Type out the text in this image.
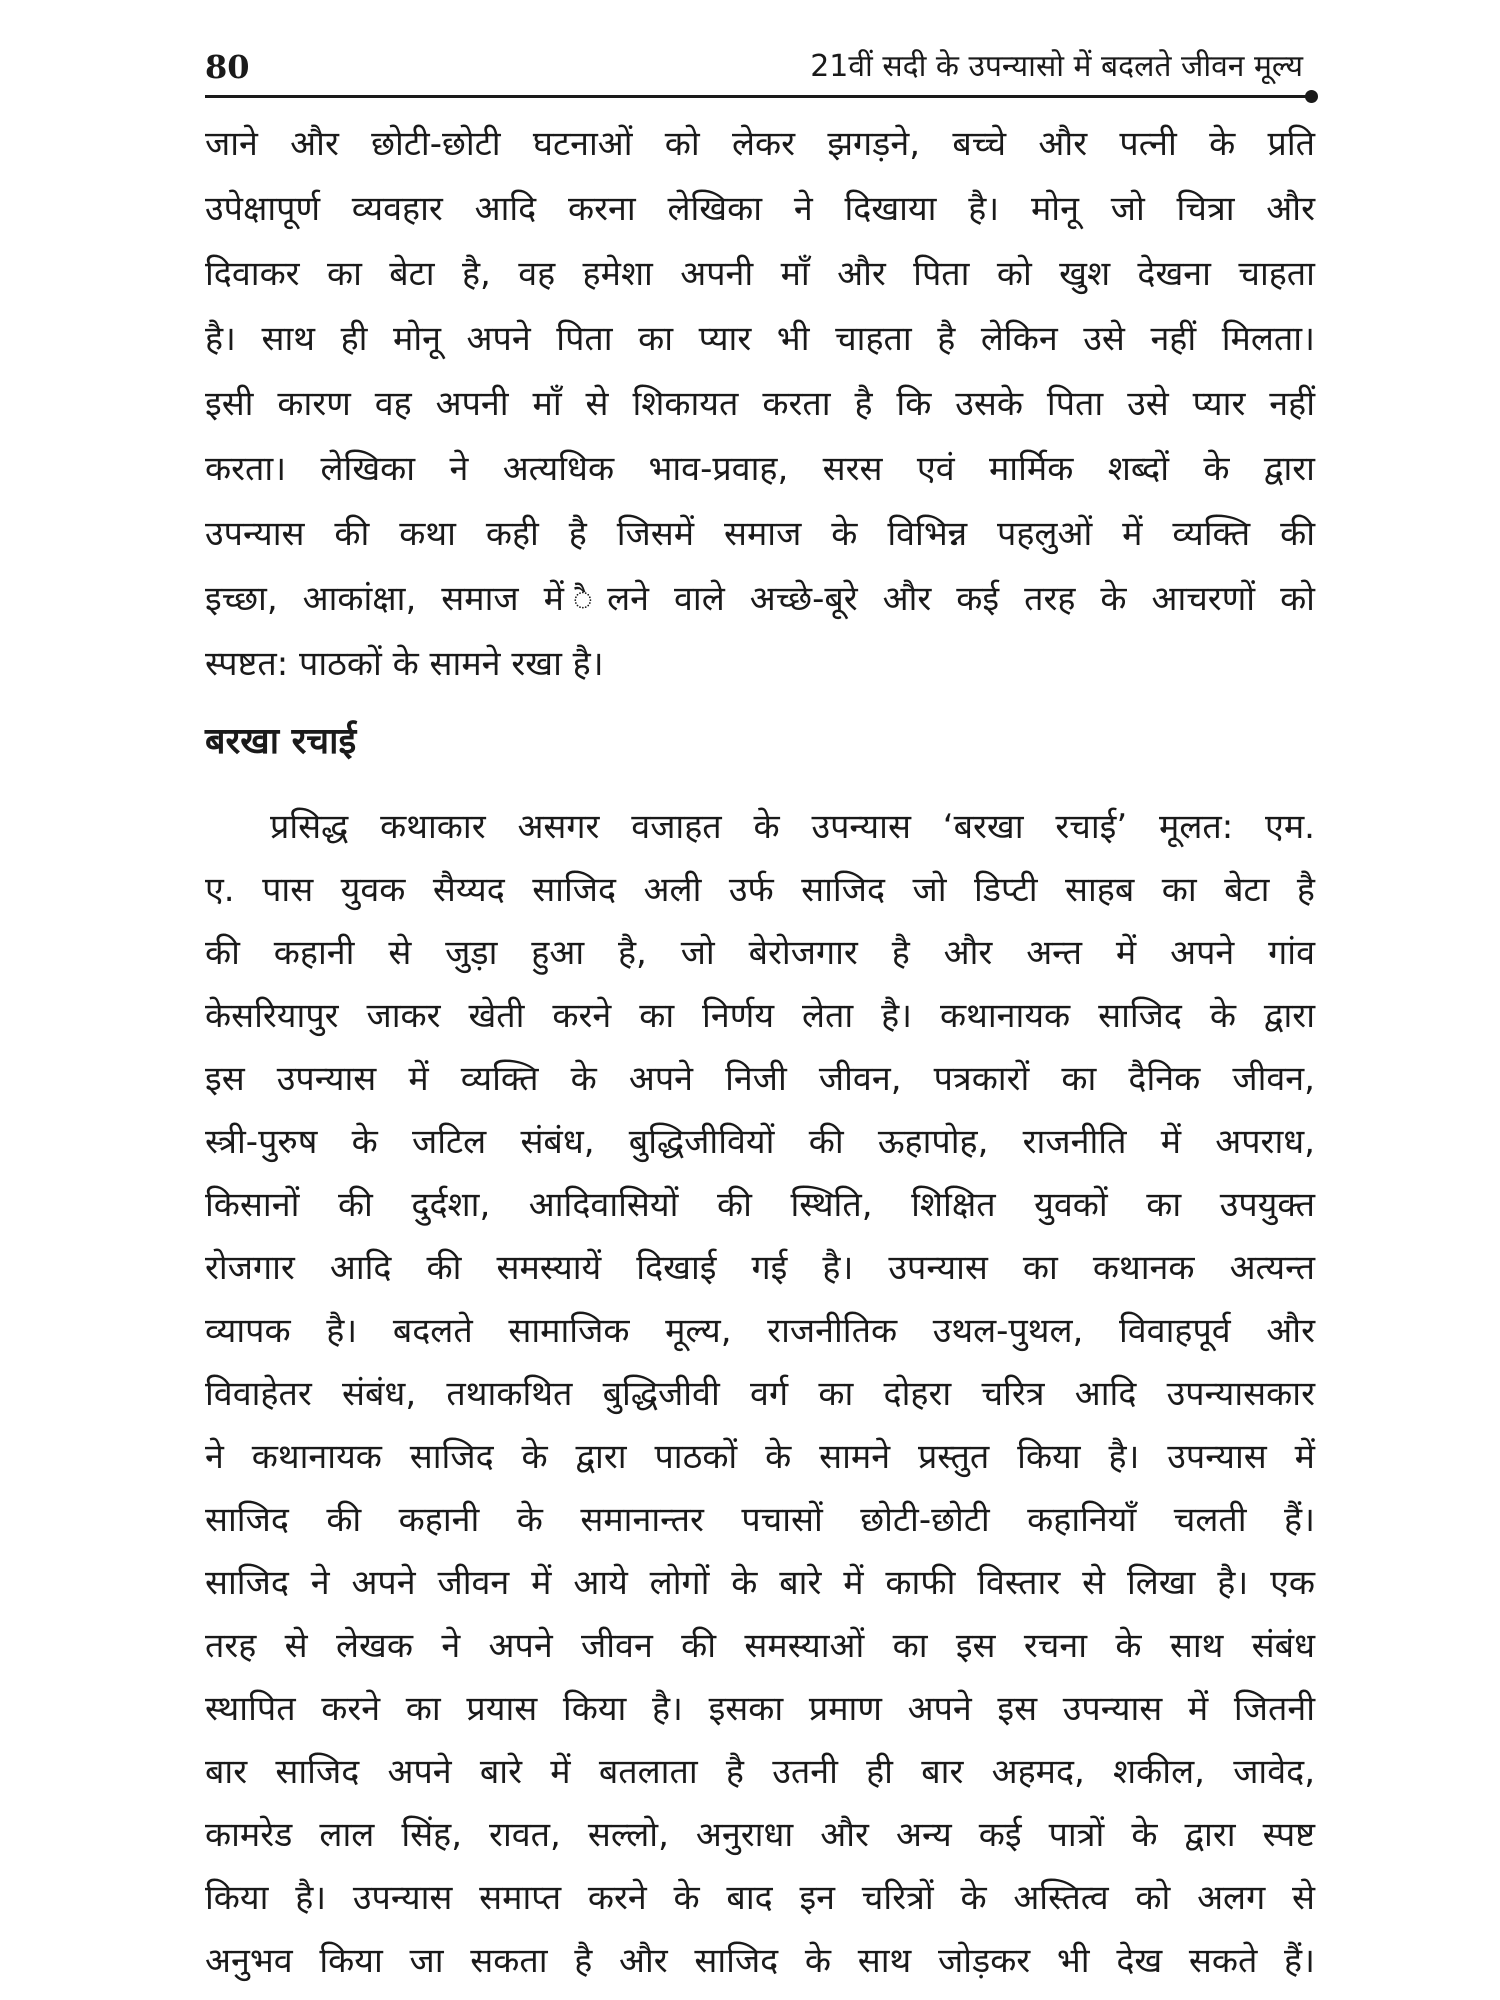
80	21वीं सदी के उपन्यासो में बदलते जीवन मूल्य
जाने और छोटी-छोटी घटनाओं को लेकर झगड़ने, बच्चे और पत्नी के प्रति
उपेक्षापूर्ण व्यवहार आदि करना लेखिका ने दिखाया है। मोनू जो चित्रा और
दिवाकर का बेटा है, वह हमेशा अपनी माँ और पिता को खुश देखना चाहता
है। साथ ही मोनू अपने पिता का प्यार भी चाहता है लेकिन उसे नहीं मिलता।
इसी कारण वह अपनी माँ से शिकायत करता है कि उसके पिता उसे प्यार नहीं
करता। लेखिका ने अत्यधिक भाव-प्रवाह, सरस एवं मार्मिक शब्दों के द्वारा
उपन्यास की कथा कही है जिसमें समाज के विभिन्न पहलुओं में व्यक्ति की
इच्छा, आकांक्षा, समाज में ैलने वाले अच्छे-बूरे और कई तरह के आचरणों को
स्पष्टत: पाठकों के सामने रखा है।
बरखा रचाई
प्रसिद्ध कथाकार असगर वजाहत के उपन्यास ‘बरखा रचाई’ मूलत: एम.
ए. पास युवक सैय्यद साजिद अली उर्फ साजिद जो डिप्टी साहब का बेटा है
की कहानी से जुड़ा हुआ है, जो बेरोजगार है और अन्त में अपने गांव
केसरियापुर जाकर खेती करने का निर्णय लेता है। कथानायक साजिद के द्वारा
इस उपन्यास में व्यक्ति के अपने निजी जीवन, पत्रकारों का दैनिक जीवन,
स्त्री-पुरुष के जटिल संबंध, बुद्धिजीवियों की ऊहापोह, राजनीति में अपराध,
किसानों की दुर्दशा, आदिवासियों की स्थिति, शिक्षित युवकों का उपयुक्त
रोजगार आदि की समस्यायें दिखाई गई है। उपन्यास का कथानक अत्यन्त
व्यापक है। बदलते सामाजिक मूल्य, राजनीतिक उथल-पुथल, विवाहपूर्व और
विवाहेतर संबंध, तथाकथित बुद्धिजीवी वर्ग का दोहरा चरित्र आदि उपन्यासकार
ने कथानायक साजिद के द्वारा पाठकों के सामने प्रस्तुत किया है। उपन्यास में
साजिद की कहानी के समानान्तर पचासों छोटी-छोटी कहानियाँ चलती हैं।
साजिद ने अपने जीवन में आये लोगों के बारे में काफी विस्तार से लिखा है। एक
तरह से लेखक ने अपने जीवन की समस्याओं का इस रचना के साथ संबंध
स्थापित करने का प्रयास किया है। इसका प्रमाण अपने इस उपन्यास में जितनी
बार साजिद अपने बारे में बतलाता है उतनी ही बार अहमद, शकील, जावेद,
कामरेड लाल सिंह, रावत, सल्लो, अनुराधा और अन्य कई पात्रों के द्वारा स्पष्ट
किया है। उपन्यास समाप्त करने के बाद इन चरित्रों के अस्तित्व को अलग से
अनुभव किया जा सकता है और साजिद के साथ जोड़कर भी देख सकते हैं।
